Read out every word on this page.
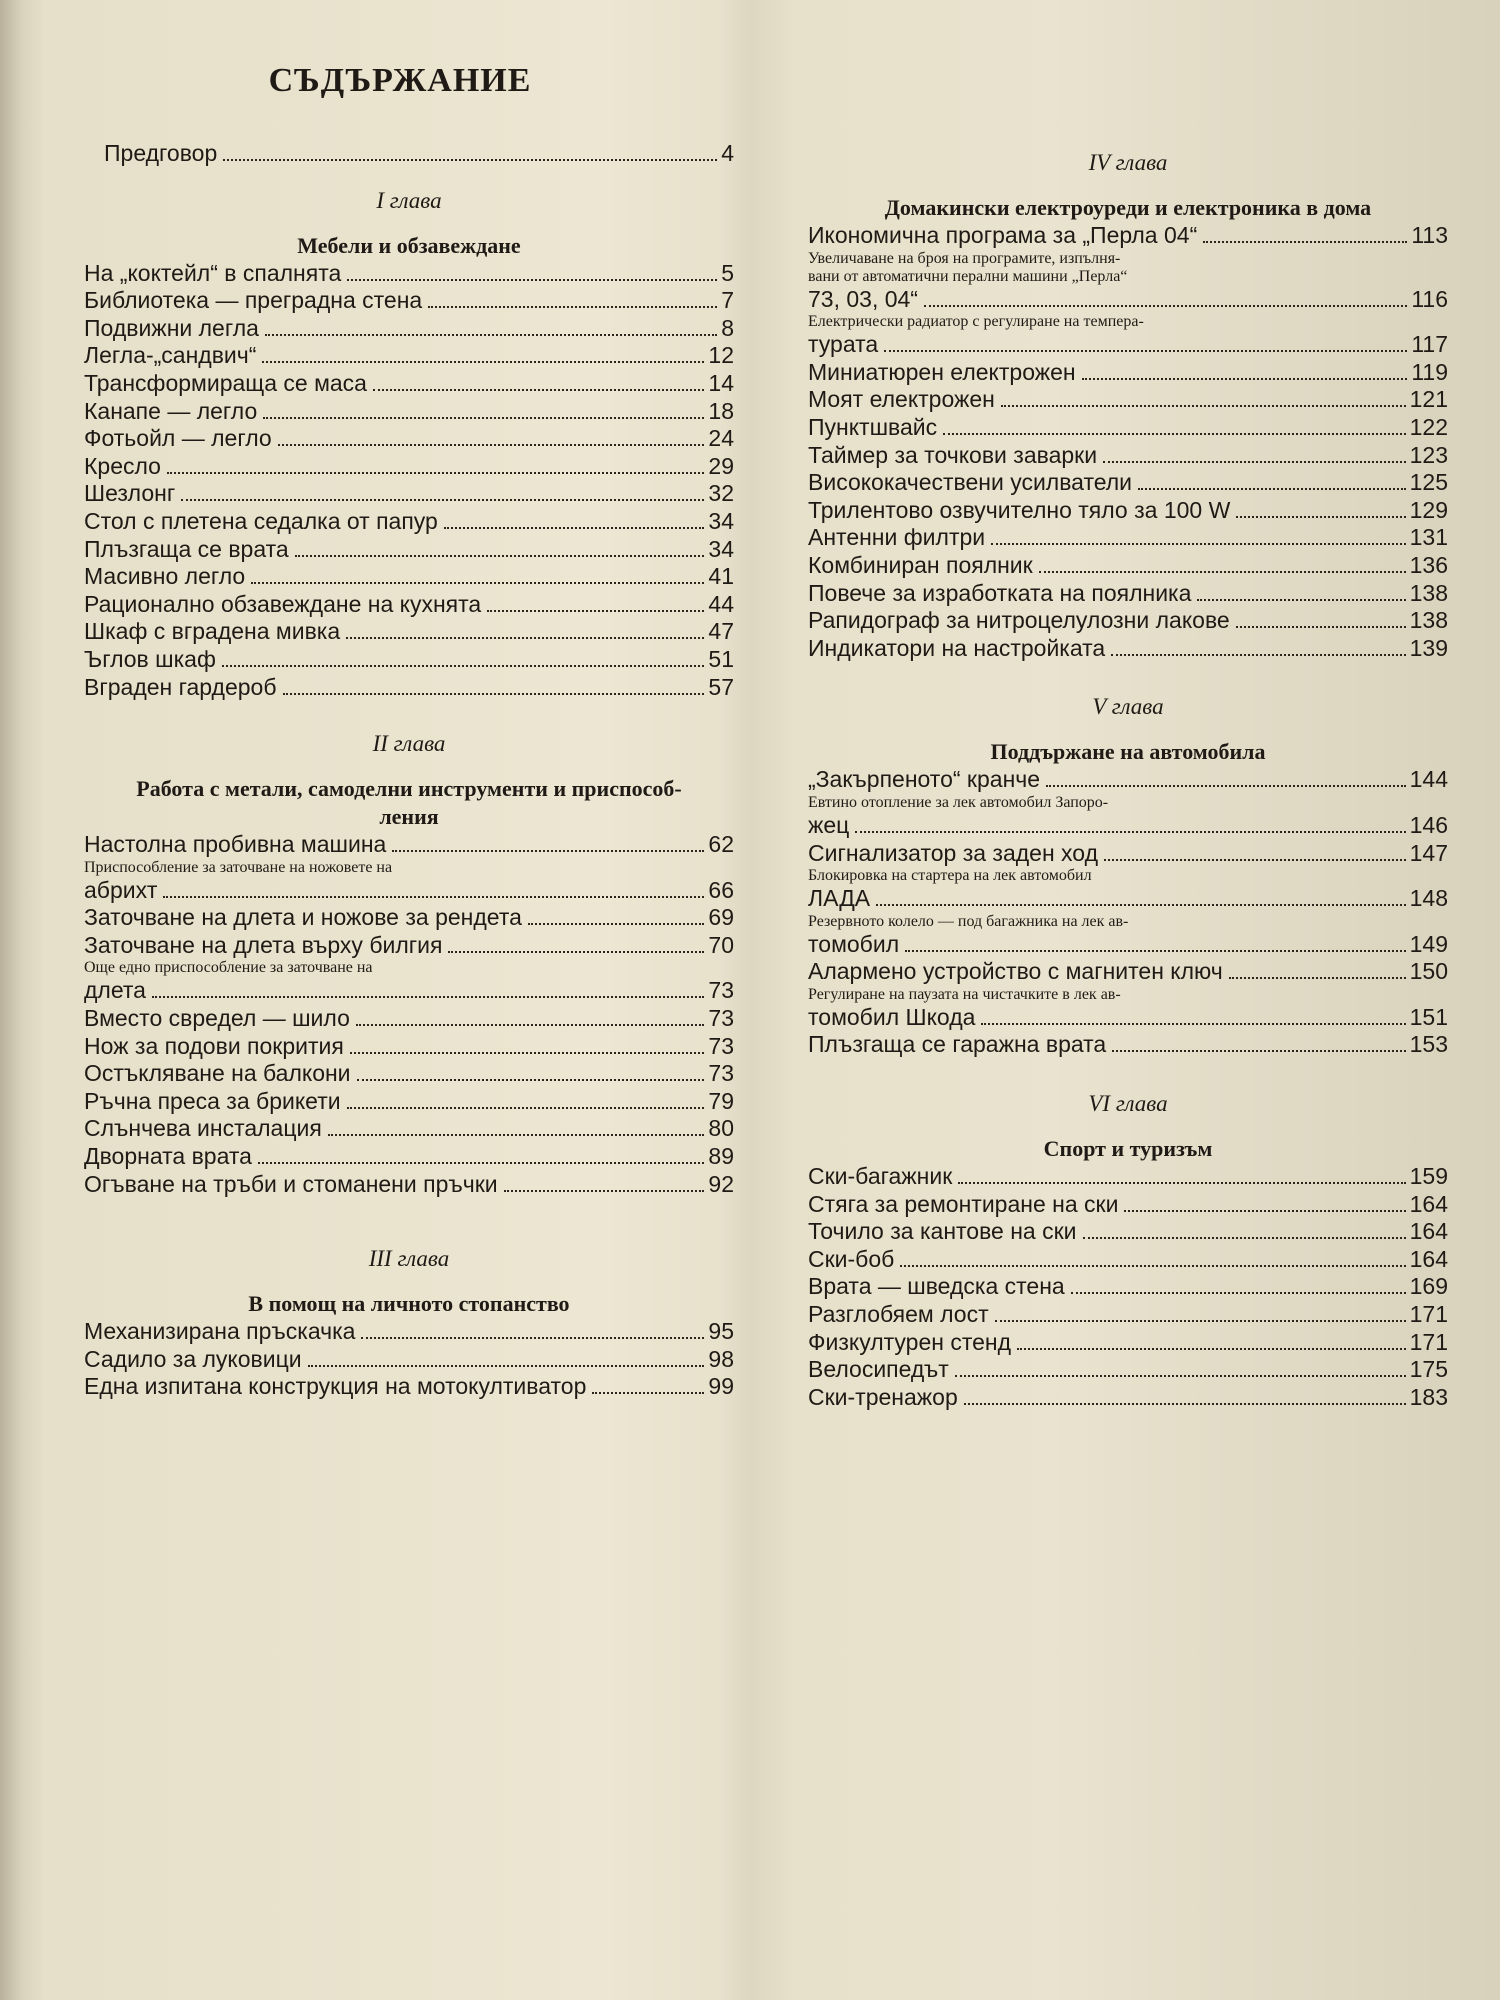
СЪДЪРЖАНИЕ
Предговор	4
I глава
Мебели и обзавеждане
На „коктейл“ в спалнята	5
Библиотека — преградна стена	7
Подвижни легла	8
Легла-„сандвич“	12
Трансформираща се маса	14
Канапе — легло	18
Фотьойл — легло	24
Кресло	29
Шезлонг	32
Стол с плетена седалка от папур	34
Плъзгаща се врата	34
Масивно легло	41
Рационално обзавеждане на кухнята	44
Шкаф с вградена мивка	47
Ъглов шкаф	51
Вграден гардероб	57
II глава
Работа с метали, самоделни инструменти и приспособ-
ления
Настолна пробивна машина	62
Приспособление за заточване на ножовете на
абрихт	66
Заточване на длета и ножове за рендета	69
Заточване на длета върху билгия	70
Още едно приспособление за заточване на
длета	73
Вместо свредел — шило	73
Нож за подови покрития	73
Остъкляване на балкони	73
Ръчна преса за брикети	79
Слънчева инсталация	80
Дворната врата	89
Огъване на тръби и стоманени пръчки	92
III глава
В помощ на личното стопанство
Механизирана пръскачка	95
Садило за луковици	98
Една изпитана конструкция на мотокултиватор	99
IV глава
Домакински електроуреди и електроника в дома
Икономична програма за „Перла 04“	113
Увеличаване на броя на програмите, изпълня-
вани от автоматични перални машини „Перла“
73, 03, 04“	116
Електрически радиатор с регулиране на темпера-
турата	117
Миниатюрен електрожен	119
Моят електрожен	121
Пунктшвайс	122
Таймер за точкови заварки	123
Висококачествени усилватели	125
Трилентово озвучително тяло за 100 W	129
Антенни филтри	131
Комбиниран поялник	136
Повече за изработката на поялника	138
Рапидограф за нитроцелулозни лакове	138
Индикатори на настройката	139
V глава
Поддържане на автомобила
„Закърпеното“ кранче	144
Евтино отопление за лек автомобил Запоро-
жец	146
Сигнализатор за заден ход	147
Блокировка на стартера на лек автомобил
ЛАДА	148
Резервното колело — под багажника на лек ав-
томобил	149
Алармено устройство с магнитен ключ	150
Регулиране на паузата на чистачките в лек ав-
томобил Шкода	151
Плъзгаща се гаражна врата	153
VI глава
Спорт и туризъм
Ски-багажник	159
Стяга за ремонтиране на ски	164
Точило за кантове на ски	164
Ски-боб	164
Врата — шведска стена	169
Разглобяем лост	171
Физкултурен стенд	171
Велосипедът	175
Ски-тренажор	183
